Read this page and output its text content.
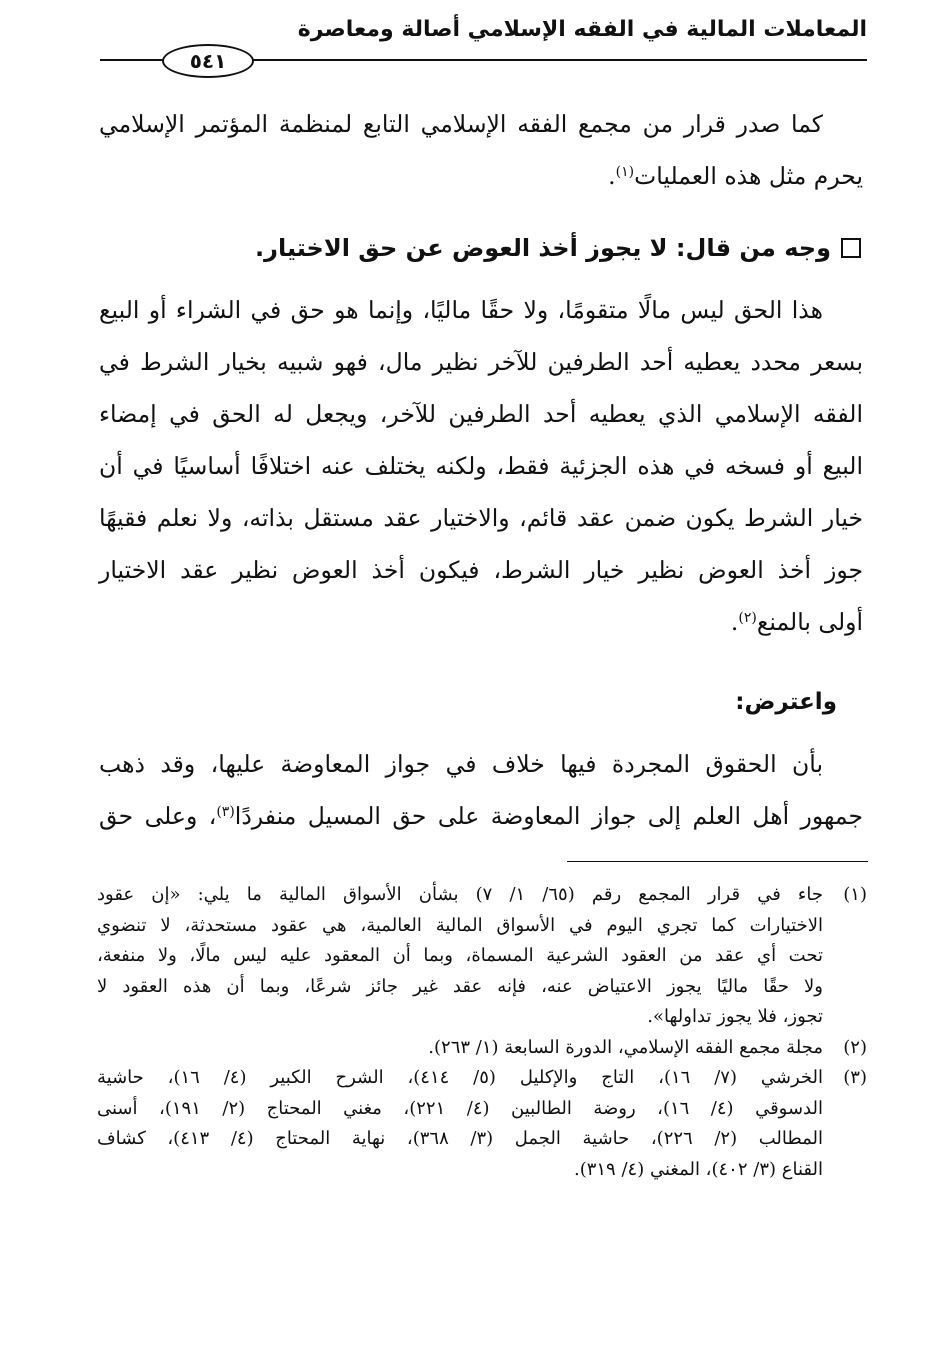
المعاملات المالية في الفقه الإسلامي أصالة ومعاصرة
٥٤١
كما صدر قرار من مجمع الفقه الإسلامي التابع لمنظمة المؤتمر الإسلامي
يحرم مثل هذه العمليات$^{(١)}$.
وجه من قال: لا يجوز أخذ العوض عن حق الاختيار.
هذا الحق ليس مالًا متقومًا، ولا حقًا ماليًا، وإنما هو حق في الشراء أو البيع
بسعر محدد يعطيه أحد الطرفين للآخر نظير مال، فهو شبيه بخيار الشرط في
الفقه الإسلامي الذي يعطيه أحد الطرفين للآخر، ويجعل له الحق في إمضاء
البيع أو فسخه في هذه الجزئية فقط، ولكنه يختلف عنه اختلافًا أساسيًا في أن
خيار الشرط يكون ضمن عقد قائم، والاختيار عقد مستقل بذاته، ولا نعلم فقيهًا
جوز أخذ العوض نظير خيار الشرط، فيكون أخذ العوض نظير عقد الاختيار
أولى بالمنع$^{(٢)}$.
واعترض:
بأن الحقوق المجردة فيها خلاف في جواز المعاوضة عليها، وقد ذهب
جمهور أهل العلم إلى جواز المعاوضة على حق المسيل منفردًا$^{(٣)}$، وعلى حق
(١)
جاء في قرار المجمع رقم (٦٥/ ١/ ٧) بشأن الأسواق المالية ما يلي: «إن عقود
الاختيارات كما تجري اليوم في الأسواق المالية العالمية، هي عقود مستحدثة، لا تنضوي
تحت أي عقد من العقود الشرعية المسماة، وبما أن المعقود عليه ليس مالًا، ولا منفعة،
ولا حقًا ماليًا يجوز الاعتياض عنه، فإنه عقد غير جائز شرعًا، وبما أن هذه العقود لا
تجوز، فلا يجوز تداولها».
(٢)
مجلة مجمع الفقه الإسلامي، الدورة السابعة (١/ ٢٦٣).
(٣)
الخرشي (٧/ ١٦)، التاج والإكليل (٥/ ٤١٤)، الشرح الكبير (٤/ ١٦)، حاشية
الدسوقي (٤/ ١٦)، روضة الطالبين (٤/ ٢٢١)، مغني المحتاج (٢/ ١٩١)، أسنى
المطالب (٢/ ٢٢٦)، حاشية الجمل (٣/ ٣٦٨)، نهاية المحتاج (٤/ ٤١٣)، كشاف
القناع (٣/ ٤٠٢)، المغني (٤/ ٣١٩).
